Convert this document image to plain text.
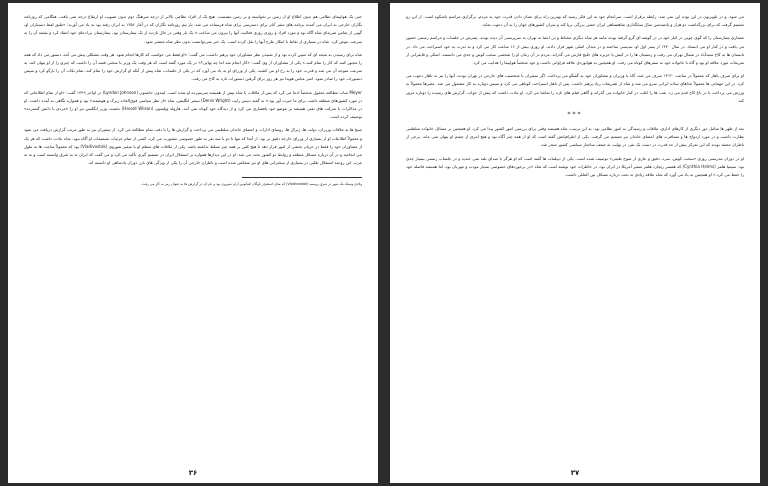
حتی یک هواپیمای نظامی هم بدون اطلاع او از زمین بر نخواسته و بر زمین ننشست. هیچ یک از افراد نظامی بالاتر از درجه سرهنگ دوم بدون تصویب او ارتقاع درجه نمی یافت. هنگامی که روزنامه نگاران خارجی به ایران می آمدند برنامه های سفر آنان برای دسترسی برای شاه فرستاده می شد. بار تیم روزنامه نگاران که در آغاز ۱۳۵۶ به ایران رفته بود به یاد می آورند: «طبق لفظ دستیاران او، گویی از تماس ضربه‌ای شاه آگاه بود و مورد افراد و روزی روزی فعالیت آنها را بیرون می ساخت.» یک بار وقتی در حال بازدید از یک بیمارستان بود، بیمارستان بی‌ادعای خود انتقاد کرد و نقشه آن را به سرعت عوض کرد. شاه در بسیاری از نقاط با ابتکار طرح آنها را نقل کرده است. یک خبر نمی‌توانست بدون نظر شاه منتشر شود.

شاه برای رسیدن به نتیجه ای که تعیین کرده بود و از شنیدن نظر مشاوران خود پرهیز داشت، می گفت: «او فقط می خواست که کارها انجام شود. هر وقت مشکلی پیش می آمد، دستور می داد که همه را مجبور کنند که کار را تمام کنند.» یکی از مشاوران از وی گفت: «کار انجام شد اما چه بهایی؟» در یک مورد گفته است که هر وقت یک وزیر با سختی قصد آن را داشت که چیزی را از او پنهان کند، به سرعت متوجه آن می شد و قدرت خود را به رخ او می کشید. یکی از وزرای او به یاد می آورد که در یکی از جلسات، شاه پیش از آنکه او گزارش خود را تمام کند، تمام نکات آن را بازگو کرد و سپس دستورات خود را صادر نمود. امیر عباس هویدا نیز هر روز برای گرفتن دستورات تازه به کاخ می رفت.

Meyer ساب مطالعه معقول شخصاً ادعا می کرد که پس از ملاقات با شاه بیش از همیشه سرسپرده او شده است. لیندون جانسون (Lyndon Johnson) در اواخر ۱۳۴۹ گفت: «او از تمام اطلاعاتی که در مورد کشورهای منطقه داشت برای ما حیرت آور بود.» به گفته دنیس رایت (Denis Wright) سفیر انگلیس، شاه «از نظر سیاسی فوق‌العاده زیرک و هوشمند» بود و همواره نگاهی به آینده داشت. او در مذاکرات با شرکت های نفتی همیشه بر موضع خود پافشاری می کرد و از دیدگاه خود کوتاه نمی آمد. هارولد ویلسون (Harold Wilson) نخست وزیر انگلیس نیز او را «مردی با دانش گسترده» توصیف کرده است.

صبح ها به ملاقات وزیران، دولت ها، ژنرال ها، روسای ادارات و اعضای خاندان سلطنتی می پرداخت و گزارش ها را با دقت تمام مطالعه می کرد. از سفیران نیز به طور مرتب گزارش دریافت می نمود و معمولاً اطلاعات او از بسیاری از وزرای خارجه دقیق تر بود. از آنجا که تنها با دو یا سه نفر به طور خصوصی مشورت می کرد، کسی از تمام جزئیات تصمیمات او آگاه نبود. شاه عادت داشت که هر یک از مشاوران خود را فقط در جریان بخشی از امور قرار دهد تا هیچ کس بر همه چیز تسلط نداشته باشد. یکی از ملاقات های منظم او با سفیر شوروی (Vladivostok) بود که معمولاً ساعت ها به طول می انجامید و در آن درباره مسائل منطقه و روابط دو کشور بحث می شد. او در این دیدارها همواره بر استقلال ایران در تصمیم گیری تأکید می کرد و می گفت که ایران نه به شرق وابسته است و نه به غرب. این روحیه استقلال طلبی در بسیاری از سخنرانی های او نیز منعکس شده است و ناظران خارجی آن را یکی از ویژگی های بارز دوران پادشاهی او دانسته اند.

ولادی وستک یک شهر در شرق روسیه (Vladivostok) که محل استقرار ناوگان اقیانوس آرام شوروی بود و نام آن در گزارش ها به عنوان رمز به کار می رفت.

۳۶

می شود. و در تلویزیون در این بوده این نمی شد. رابطه برقرار است. سرانجام خود به این فکر رسید که بهترین راه برای نشان دادن قدرت خود به مردم، برگزاری مراسم باشکوه است. از این رو تصمیم گرفت که برای بزرگداشت دو هزار و پانصدمین سال بنیانگذاری شاهنشاهی ایران جشن بزرگی برپا کند و سران کشورهای جهان را به آن دعوت نماید.

معماری تیمارستان را که گوی چوبی در کنار خود در در گوشه ای گرو گرفته بودند مانند هر شاه دیگری محتاط و بی اعتنا به تهران به سرپرستی آن دیده بودند. پسرش در جلسات و مراسم رسمی حضور می یافت و در کنار او می ایستاد. در سال ۱۳۴۰ از پسر اول او، تندیسی ساختند و در میدان اصلی شهر قرار دادند. او روزی بیش از ۱۶ ساعت کار می کرد و به ندرت به خود استراحت می داد. در تابستان ها به کاخ سعدآباد در شمال تهران می رفت و زمستان ها را در کیش یا جزیره های خلیج فارس می گذراند. مردم در آن زمان او را شخصی سخت کوش و جدی می دانستند. اسکی و قایقرانی از تفریحات مورد علاقه او بود و گاه با خانواده خود به سفرهای کوتاه می رفت. او همچنین به هوانوردی علاقه فراوانی داشت و خود شخصاً هواپیما را هدایت می کرد.

او برای صرف ناهار که معمولاً در ساعت ۱۳:۳۰ صرف می شد، گاه با وزیران و مشاوران خود به گفتگو می پرداخت. اگر سفیران یا شخصیت های خارجی در تهران بودند، آنها را نیز به ناهار دعوت می کرد. در این مهمانی ها معمولاً غذاهای ساده ایرانی سرو می شد و شاه از تشریفات زیاد پرهیز داشت. پس از ناهار استراحت کوتاهی می کرد و سپس دوباره به کار مشغول می شد. عصرها معمولاً به ورزش می پرداخت یا در باغ کاخ قدم می زد. شب ها را اغلب در کنار خانواده می گذراند و گاهی فیلم های تازه را تماشا می کرد. او عادت داشت که پیش از خواب، گزارش های رسیده را دوباره مرور کند.

***

بعد از ظهر ها شامل دور دیگری از کارهای اداری، ملاقات و رسیدگی به امور نظامی بود. به این ترتیب، شاه همیشه وقتی برای بررسی امور کشور پیدا می کرد. او همچنین بر مسائل خانواده سلطنتی نظارت داشت و در مورد ازدواج ها و مسافرت های اعضای خاندان نیز تصمیم می گرفت. یکی از اطرافیانش گفته است که او از همه چیز آگاه بود و هیچ امری از چشم او پنهان نمی ماند. برخی از ناظران معتقد بودند که این تمرکز بیش از حد قدرت در دست یک نفر، در نهایت به ضعف ساختار سیاسی کشور منجر شد.

او در دوران تندرستی روزی «سخت کوش، سرد، دقیق و عاری از شوخ طبعی» توصیف شده است. یکی از دیپلمات ها گفته است که او هرگز با صدای بلند نمی خندید و در جلسات رسمی بسیار جدی بود. سینتیا هلمز (Cynthia Helms) که همسر ریچارد هلمز سفیر آمریکا در ایران بود، در خاطرات خود نوشته است که شاه «در برخوردهای خصوصی بسیار مودب و مهربان بود، اما همیشه فاصله خود را حفظ می کرد.» او همچنین به یاد می آورد که شاه علاقه زیادی به بحث درباره مسائل بین المللی داشت.

۳۷
